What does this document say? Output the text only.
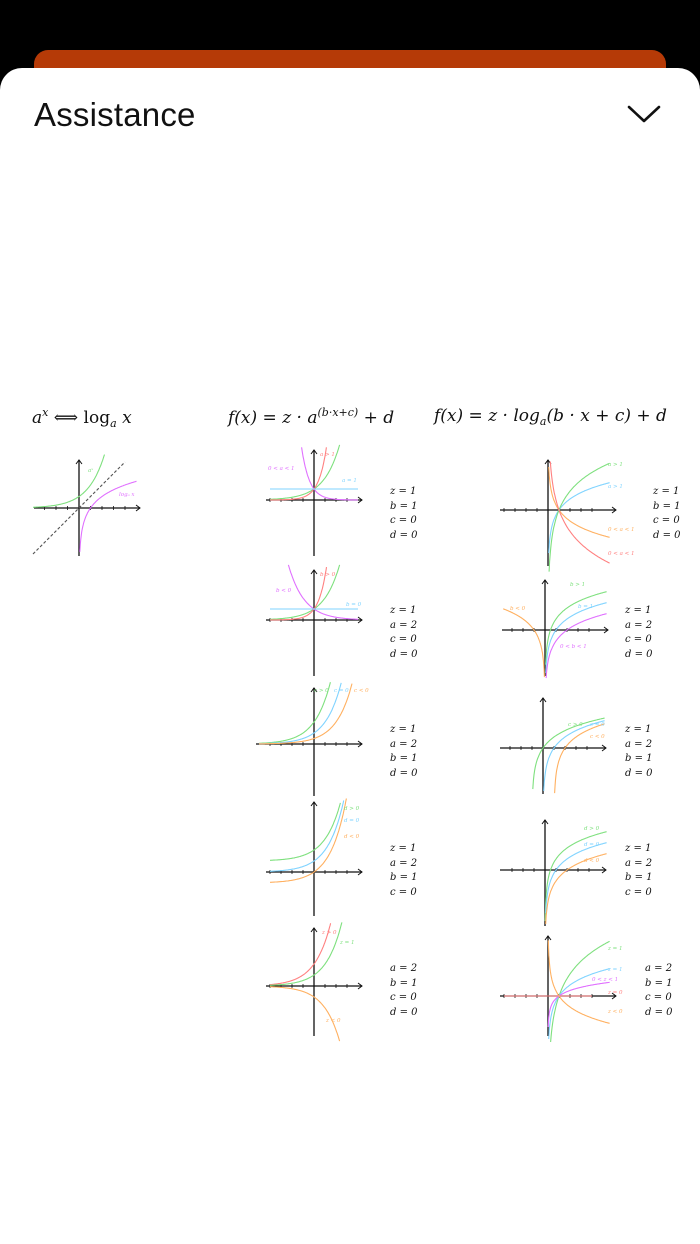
Assistance
$a^x$ ⟺ $\log_a x$	$f(x) = z \cdot a^{(b\cdot x+c)} + d$ $f(x) = z \cdot \log_a(b \cdot x + c) + d$
aˣ
logₐ x
a > 1
a = 1
0 < a < 1
b > 0
b = 0
b < 0
c > 0 c = 0 c < 0
d > 0
d = 0
d < 0
z > 0
z = 1
z < 0
a > 1
a > 1
0 < a < 1
0 < a < 1
b > 1
b = 1
0 < b < 1
b < 0
c > 0 c = 0
c < 0
d > 0
d = 0
d < 0
z = 1
z = 1
0 < z < 1
z = 0
z < 0
z = 1
b = 1
c = 0
d = 0
z = 1
a = 2
c = 0
d = 0
z = 1
a = 2
b = 1
d = 0
z = 1
a = 2
b = 1
c = 0
a = 2
b = 1
c = 0
d = 0
z = 1
b = 1
c = 0
d = 0
z = 1
a = 2
c = 0
d = 0
z = 1
a = 2
b = 1
d = 0
z = 1
a = 2
b = 1
c = 0
a = 2
b = 1
c = 0
d = 0
